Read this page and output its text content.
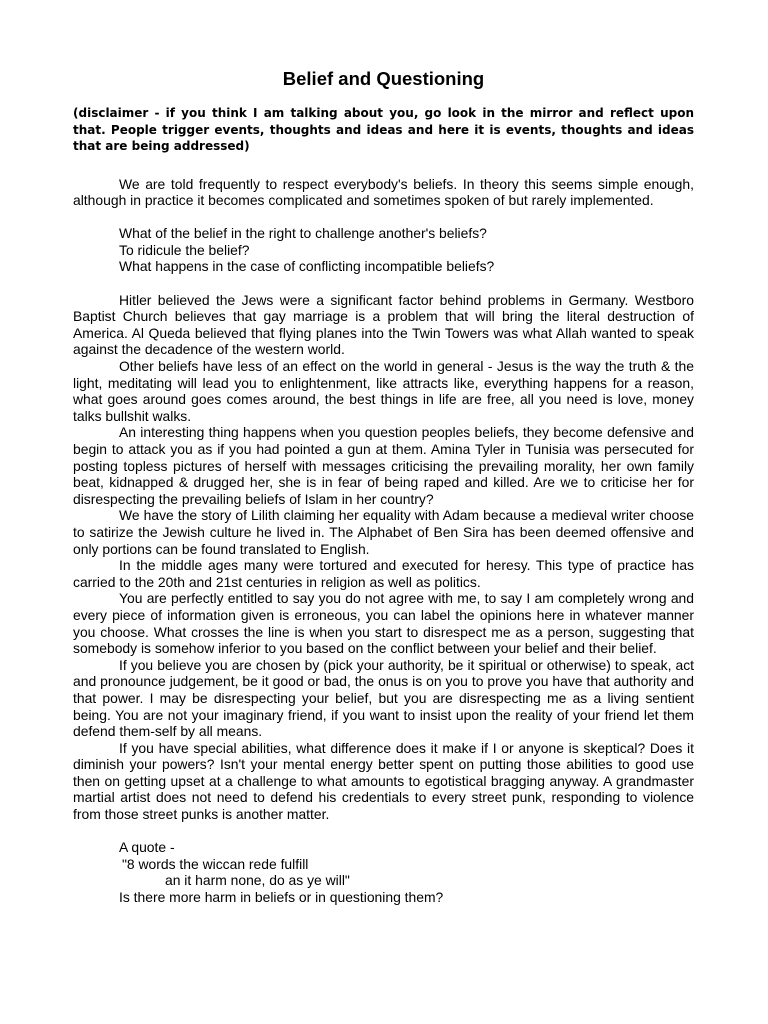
Belief and Questioning

(disclaimer - if you think I am talking about you, go look in the mirror and reflect upon that. People trigger events, thoughts and ideas and here it is events, thoughts and ideas that are being addressed)

We are told frequently to respect everybody's beliefs. In theory this seems simple enough, although in practice it becomes complicated and sometimes spoken of but rarely implemented.

What of the belief in the right to challenge another's beliefs?

To ridicule the belief?

What happens in the case of conflicting incompatible beliefs?

Hitler believed the Jews were a significant factor behind problems in Germany. Westboro Baptist Church believes that gay marriage is a problem that will bring the literal destruction of America. Al Queda believed that flying planes into the Twin Towers was what Allah wanted to speak against the decadence of the western world.

Other beliefs have less of an effect on the world in general - Jesus is the way the truth & the light, meditating will lead you to enlightenment, like attracts like, everything happens for a reason, what goes around goes comes around, the best things in life are free, all you need is love, money talks bullshit walks.

An interesting thing happens when you question peoples beliefs, they become defensive and begin to attack you as if you had pointed a gun at them. Amina Tyler in Tunisia was persecuted for posting topless pictures of herself with messages criticising the prevailing morality, her own family beat, kidnapped & drugged her, she is in fear of being raped and killed. Are we to criticise her for disrespecting the prevailing beliefs of Islam in her country?

We have the story of Lilith claiming her equality with Adam because a medieval writer choose to satirize the Jewish culture he lived in. The Alphabet of Ben Sira has been deemed offensive and only portions can be found translated to English.

In the middle ages many were tortured and executed for heresy. This type of practice has carried to the 20th and 21st centuries in religion as well as politics.

You are perfectly entitled to say you do not agree with me, to say I am completely wrong and every piece of information given is erroneous, you can label the opinions here in whatever manner you choose. What crosses the line is when you start to disrespect me as a person, suggesting that somebody is somehow inferior to you based on the conflict between your belief and their belief.

If you believe you are chosen by (pick your authority, be it spiritual or otherwise) to speak, act and pronounce judgement, be it good or bad, the onus is on you to prove you have that authority and that power. I may be disrespecting your belief, but you are disrespecting me as a living sentient being. You are not your imaginary friend, if you want to insist upon the reality of your friend let them defend them-self by all means.

If you have special abilities, what difference does it make if I or anyone is skeptical? Does it diminish your powers? Isn't your mental energy better spent on putting those abilities to good use then on getting upset at a challenge to what amounts to egotistical bragging anyway. A grandmaster martial artist does not need to defend his credentials to every street punk, responding to violence from those street punks is another matter.

A quote -

"8 words the wiccan rede fulfill

an it harm none, do as ye will"

Is there more harm in beliefs or in questioning them?
